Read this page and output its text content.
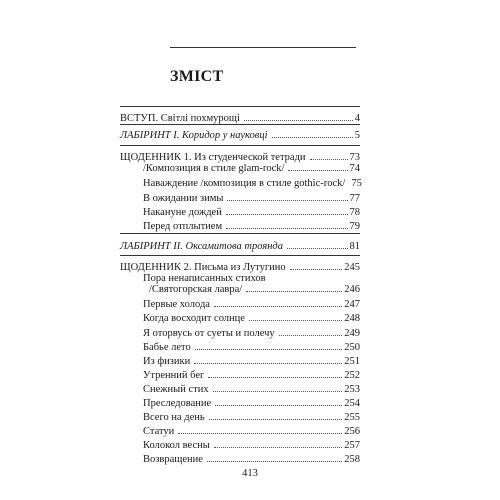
ЗМІСТ
ВСТУП. Світлі похмурощі	4
ЛАБІРИНТ І. Коридор у науковці	5
ЩОДЕННИК 1. Из студенческой тетради	73
/Композиция в стиле glam-rock/	74
Наваждение /композиция в стиле gothic-rock/ 75
В ожидании зимы	77
Накануне дождей	78
Перед отплытием	79
ЛАБІРИНТ ІІ. Оксамитова трояндa	81
ЩОДЕННИК 2. Письма из Лутугино	245
Пора ненаписанных стихов
/Святогорская лавра/	246
Первые холода	247
Когда восходит солнце	248
Я оторвусь от суеты и полечу	249
Бабье лето	250
Из физики	251
Утренний бег	252
Снежный стих	253
Преследование	254
Всего на день	255
Статуи	256
Колокол весны	257
Возвращение	258
413
